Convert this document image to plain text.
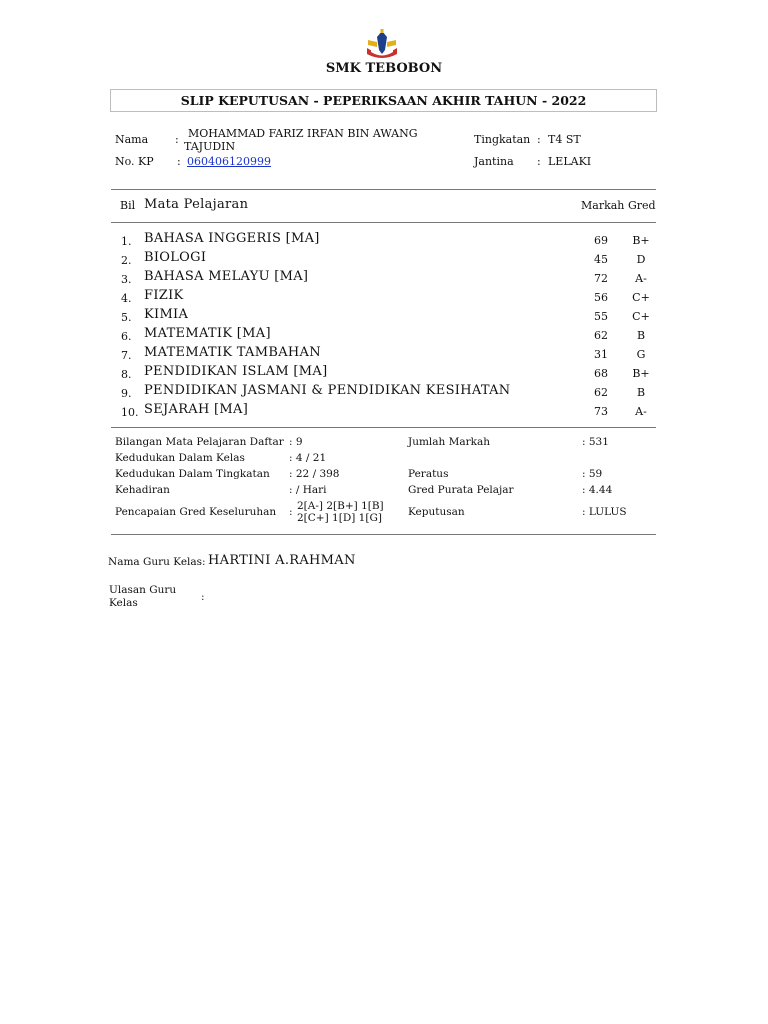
SMK TEBOBON
SLIP KEPUTUSAN - PEPERIKSAAN AKHIR TAHUN - 2022
Nama : MOHAMMAD FARIZ IRFAN BIN AWANG
TAJUDIN
No. KP : 060406120999
Tingkatan : T4 ST
Jantina : LELAKI
Bil Mata Pelajaran	Markah Gred
1. BAHASA INGGERIS [MA]	69	B+
2. BIOLOGI	45	D
3. BAHASA MELAYU [MA]	72	A-
4. FIZIK	56	C+
5. KIMIA	55	C+
6. MATEMATIK [MA]	62	B
7. MATEMATIK TAMBAHAN	31	G
8. PENDIDIKAN ISLAM [MA]	68	B+
9. PENDIDIKAN JASMANI & PENDIDIKAN KESIHATAN	62	B
10. SEJARAH [MA]	73	A-
Bilangan Mata Pelajaran Daftar : 9
Kedudukan Dalam Kelas	: 4 / 21
Kedudukan Dalam Tingkatan : 22 / 398
Kehadiran	: / Hari
Pencapaian Gred Keseluruhan : 2[A-] 2[B+] 1[B]
2[C+] 1[D] 1[G]
Jumlah Markah	: 531
Peratus	: 59
Gred Purata Pelajar	: 4.44
Keputusan	: LULUS
Nama Guru Kelas: HARTINI A.RAHMAN
Ulasan Guru
Kelas	:
